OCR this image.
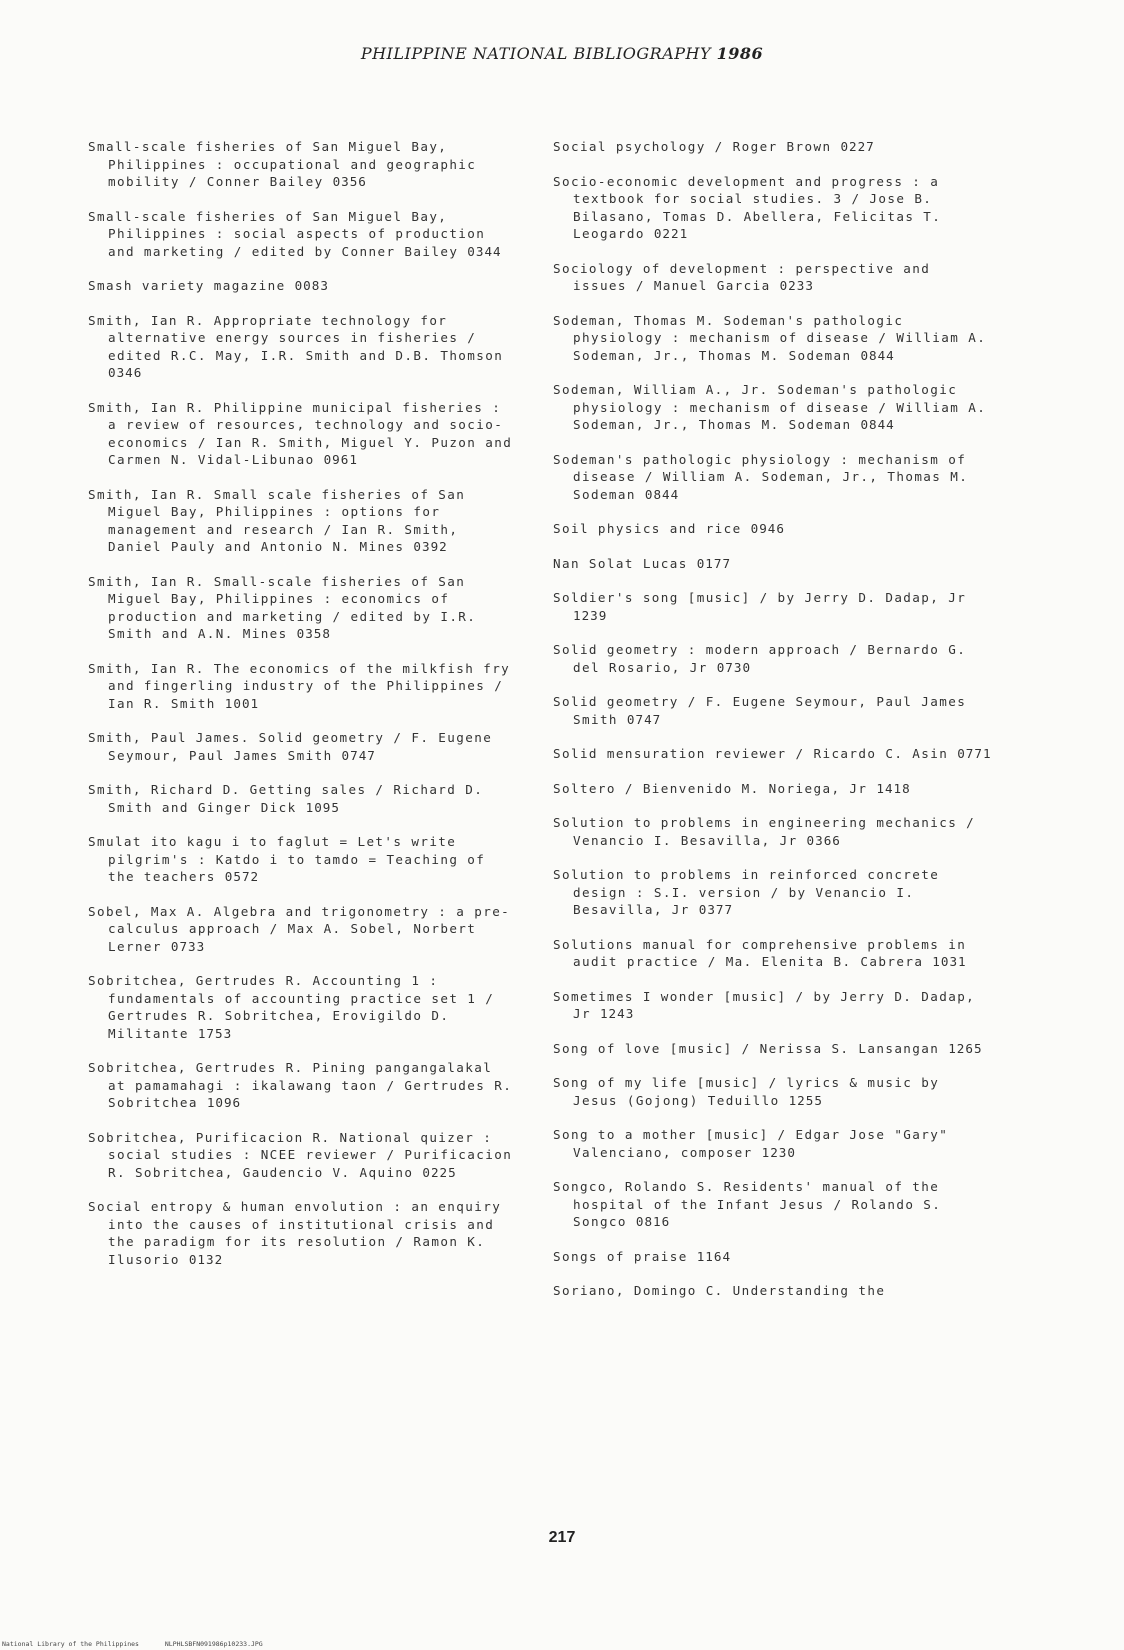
PHILIPPINE NATIONAL BIBLIOGRAPHY 1986
Small-scale fisheries of San Miguel Bay, Philippines : occupational and geographic mobility / Conner Bailey 0356
Small-scale fisheries of San Miguel Bay, Philippines : social aspects of production and marketing / edited by Conner Bailey 0344
Smash variety magazine 0083
Smith, Ian R. Appropriate technology for alternative energy sources in fisheries / edited R.C. May, I.R. Smith and D.B. Thomson 0346
Smith, Ian R. Philippine municipal fisheries : a review of resources, technology and socio-economics / Ian R. Smith, Miguel Y. Puzon and Carmen N. Vidal-Libunao 0961
Smith, Ian R. Small scale fisheries of San Miguel Bay, Philippines : options for management and research / Ian R. Smith, Daniel Pauly and Antonio N. Mines 0392
Smith, Ian R. Small-scale fisheries of San Miguel Bay, Philippines : economics of production and marketing / edited by I.R. Smith and A.N. Mines 0358
Smith, Ian R. The economics of the milkfish fry and fingerling industry of the Philippines / Ian R. Smith 1001
Smith, Paul James. Solid geometry / F. Eugene Seymour, Paul James Smith 0747
Smith, Richard D. Getting sales / Richard D. Smith and Ginger Dick 1095
Smulat ito kagu i to faglut = Let's write pilgrim's : Katdo i to tamdo = Teaching of the teachers 0572
Sobel, Max A. Algebra and trigonometry : a pre-calculus approach / Max A. Sobel, Norbert Lerner 0733
Sobritchea, Gertrudes R. Accounting 1 : fundamentals of accounting practice set 1 / Gertrudes R. Sobritchea, Erovigildo D. Militante 1753
Sobritchea, Gertrudes R. Pining pangangalakal at pamamahagi : ikalawang taon / Gertrudes R. Sobritchea 1096
Sobritchea, Purificacion R. National quizer : social studies : NCEE reviewer / Purificacion R. Sobritchea, Gaudencio V. Aquino 0225
Social entropy & human envolution : an enquiry into the causes of institutional crisis and the paradigm for its resolution / Ramon K. Ilusorio 0132
Social psychology / Roger Brown 0227
Socio-economic development and progress : a textbook for social studies. 3 / Jose B. Bilasano, Tomas D. Abellera, Felicitas T. Leogardo 0221
Sociology of development : perspective and issues / Manuel Garcia 0233
Sodeman, Thomas M. Sodeman's pathologic physiology : mechanism of disease / William A. Sodeman, Jr., Thomas M. Sodeman 0844
Sodeman, William A., Jr. Sodeman's pathologic physiology : mechanism of disease / William A. Sodeman, Jr., Thomas M. Sodeman 0844
Sodeman's pathologic physiology : mechanism of disease / William A. Sodeman, Jr., Thomas M. Sodeman 0844
Soil physics and rice 0946
Nan Solat Lucas 0177
Soldier's song [music] / by Jerry D. Dadap, Jr 1239
Solid geometry : modern approach / Bernardo G. del Rosario, Jr 0730
Solid geometry / F. Eugene Seymour, Paul James Smith 0747
Solid mensuration reviewer / Ricardo C. Asin 0771
Soltero / Bienvenido M. Noriega, Jr 1418
Solution to problems in engineering mechanics / Venancio I. Besavilla, Jr 0366
Solution to problems in reinforced concrete design : S.I. version / by Venancio I. Besavilla, Jr 0377
Solutions manual for comprehensive problems in audit practice / Ma. Elenita B. Cabrera 1031
Sometimes I wonder [music] / by Jerry D. Dadap, Jr 1243
Song of love [music] / Nerissa S. Lansangan 1265
Song of my life [music] / lyrics & music by Jesus (Gojong) Teduillo 1255
Song to a mother [music] / Edgar Jose "Gary" Valenciano, composer 1230
Songco, Rolando S. Residents' manual of the hospital of the Infant Jesus / Rolando S. Songco 0816
Songs of praise 1164
Soriano, Domingo C. Understanding the
217
National Library of the Philippines	NLPHLSBFN091986p10233.JPG
